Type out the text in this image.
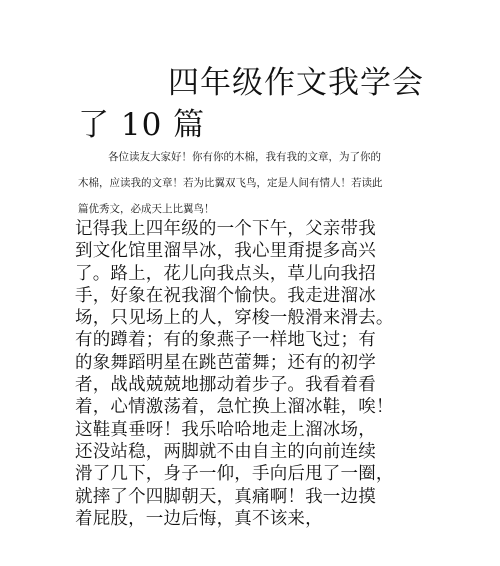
四年级作文我学会
了 10 篇

各位读友大家好！你有你的木棉，我有我的文章，为了你的
木棉，应读我的文章！若为比翼双飞鸟，定是人间有情人！若读此
篇优秀文，必成天上比翼鸟！

记得我上四年级的一个下午，父亲带我
到文化馆里溜旱冰，我心里甭提多高兴
了。路上，花儿向我点头，草儿向我招
手，好象在祝我溜个愉快。我走进溜冰
场，只见场上的人，穿梭一般滑来滑去。
有的蹲着；有的象燕子一样地飞过；有
的象舞蹈明星在跳芭蕾舞；还有的初学
者，战战兢兢地挪动着步子。我看着看
着，心情激荡着，急忙换上溜冰鞋，唉！
这鞋真垂呀！我乐哈哈地走上溜冰场，
还没站稳，两脚就不由自主的向前连续
滑了几下，身子一仰，手向后甩了一圈，
就摔了个四脚朝天，真痛啊！我一边摸
着屁股，一边后悔，真不该来，
